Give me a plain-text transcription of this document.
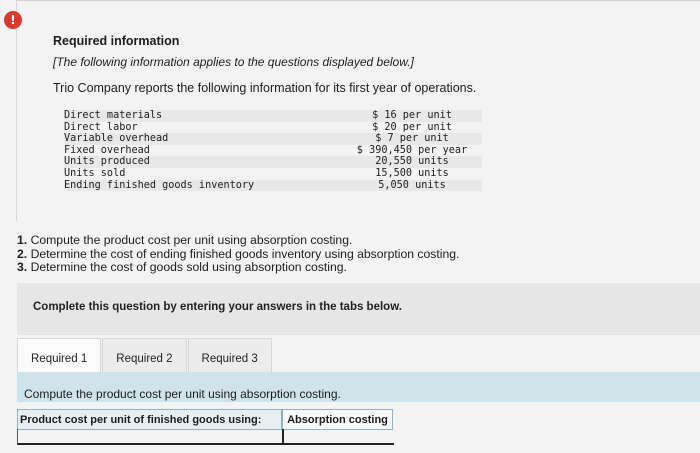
!
Required information
[The following information applies to the questions displayed below.]
Trio Company reports the following information for its first year of operations.
Direct materials	$ 16 per unit
Direct labor	$ 20 per unit
Variable overhead	$ 7 per unit
Fixed overhead	$ 390,450 per year
Units produced	20,550 units
Units sold	15,500 units
Ending finished goods inventory	5,050 units
1. Compute the product cost per unit using absorption costing.
2. Determine the cost of ending finished goods inventory using absorption costing.
3. Determine the cost of goods sold using absorption costing.
Complete this question by entering your answers in the tabs below.
Required 1	Required 2	Required 3
Compute the product cost per unit using absorption costing.
Product cost per unit of finished goods using:	Absorption costing
